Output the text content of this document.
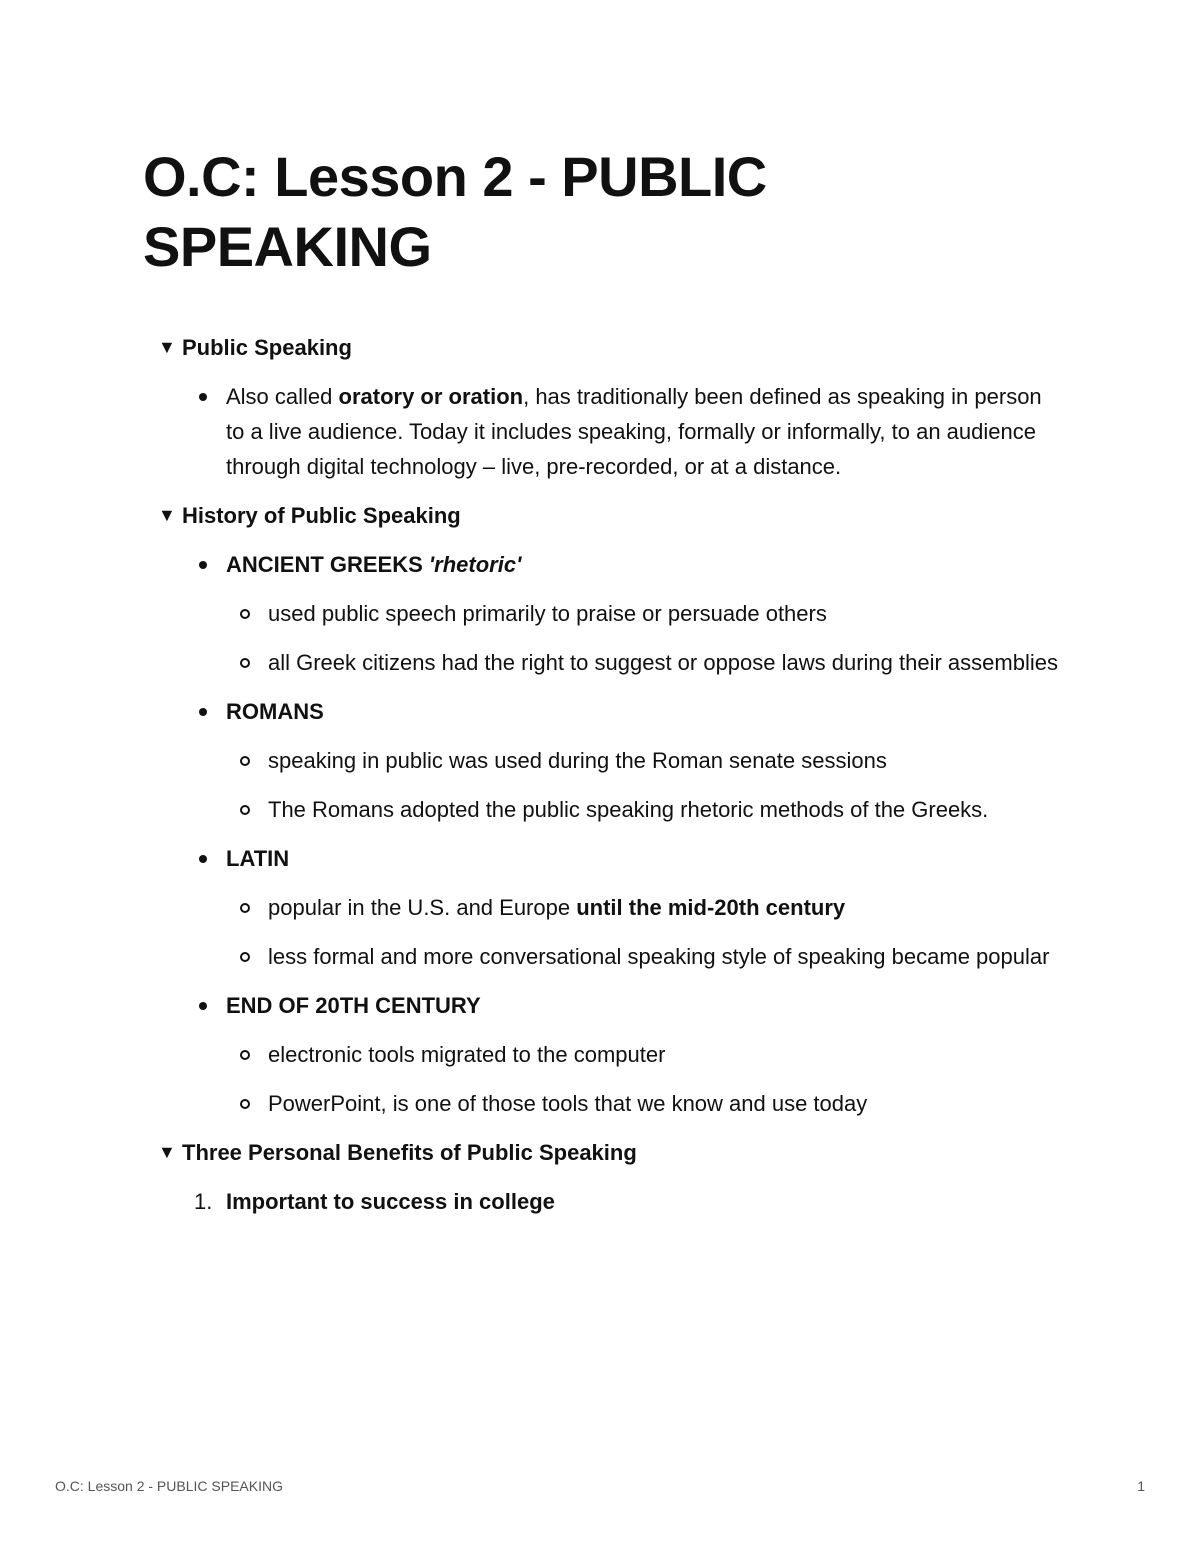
O.C: Lesson 2 - PUBLIC SPEAKING
▼ Public Speaking
Also called oratory or oration, has traditionally been defined as speaking in person to a live audience. Today it includes speaking, formally or informally, to an audience through digital technology – live, pre-recorded, or at a distance.
▼ History of Public Speaking
ANCIENT GREEKS 'rhetoric'
used public speech primarily to praise or persuade others
all Greek citizens had the right to suggest or oppose laws during their assemblies
ROMANS
speaking in public was used during the Roman senate sessions
The Romans adopted the public speaking rhetoric methods of the Greeks.
LATIN
popular in the U.S. and Europe until the mid-20th century
less formal and more conversational speaking style of speaking became popular
END OF 20TH CENTURY
electronic tools migrated to the computer
PowerPoint, is one of those tools that we know and use today
▼ Three Personal Benefits of Public Speaking
1. Important to success in college
O.C: Lesson 2 - PUBLIC SPEAKING	1
